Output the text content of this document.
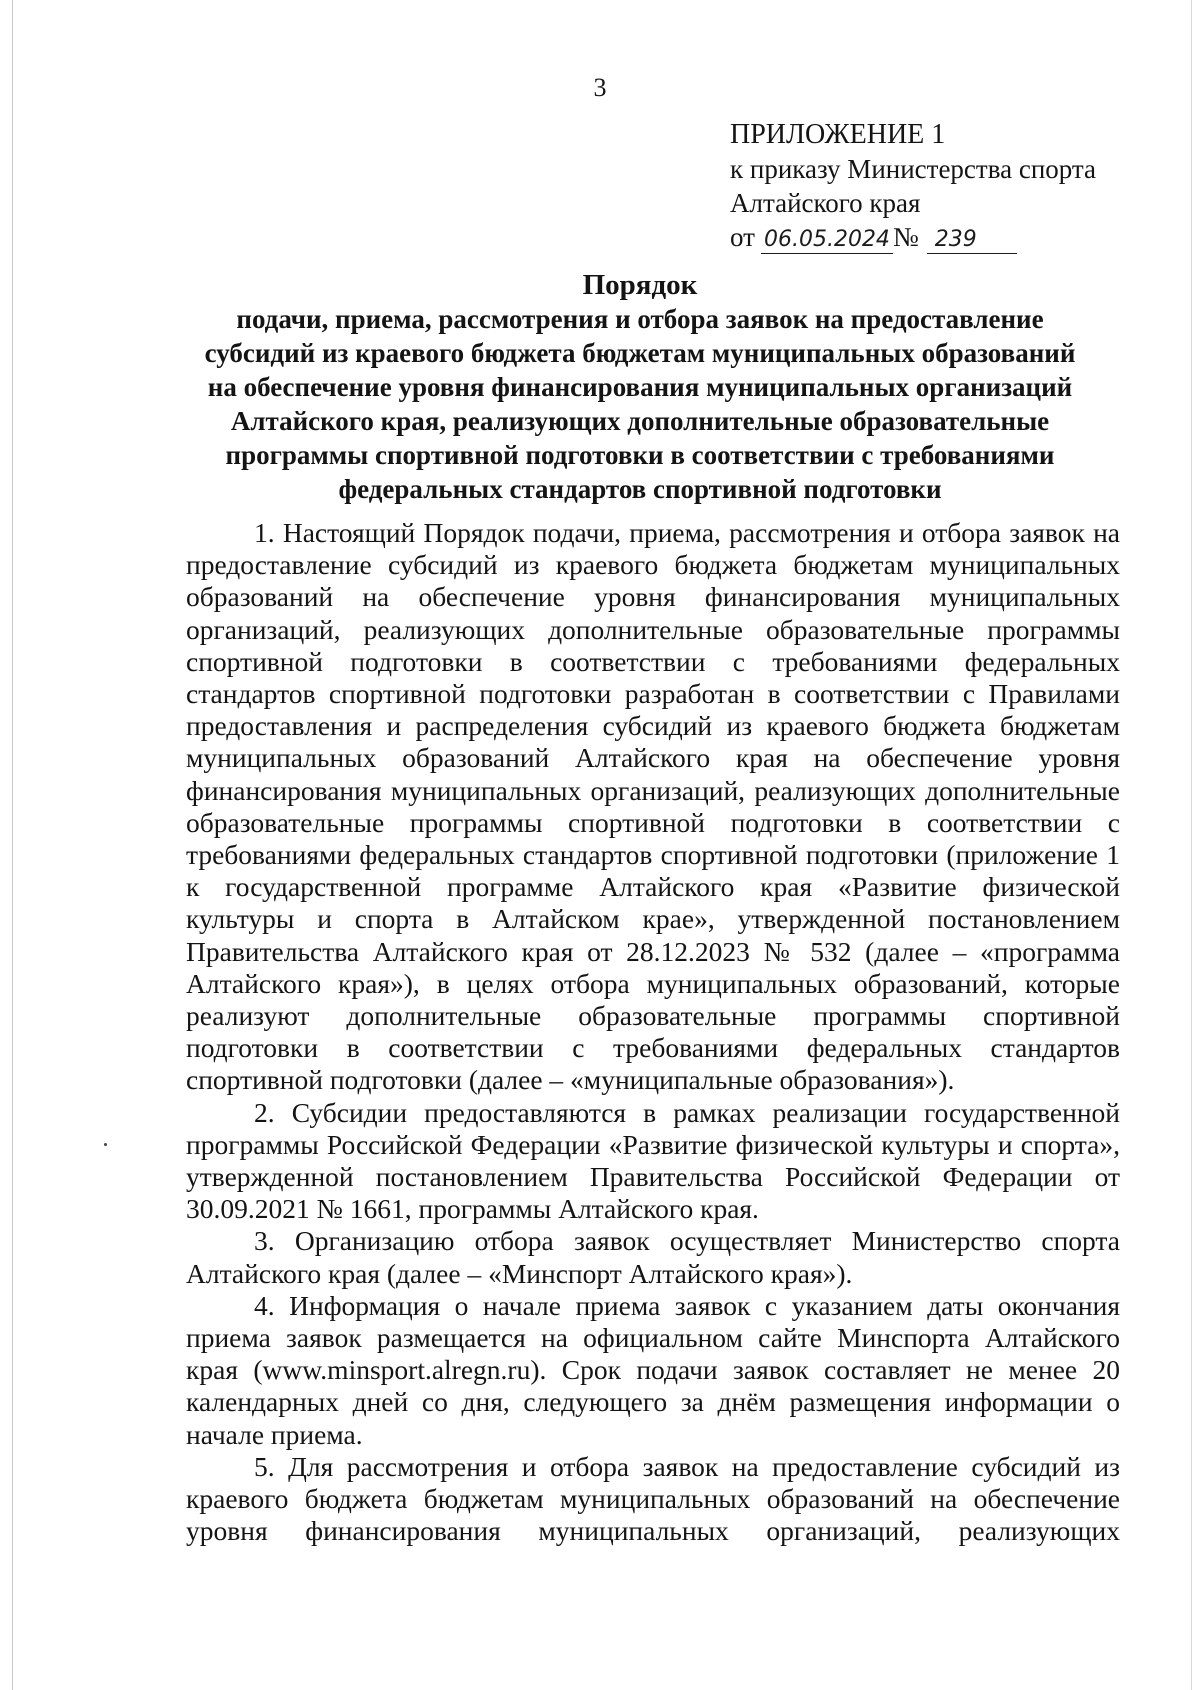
3
ПРИЛОЖЕНИЕ 1
к приказу Министерства спорта
Алтайского края
от 06.05.2024 № 239
Порядок
подачи, приема, рассмотрения и отбора заявок на предоставление
субсидий из краевого бюджета бюджетам муниципальных образований
на обеспечение уровня финансирования муниципальных организаций
Алтайского края, реализующих дополнительные образовательные
программы спортивной подготовки в соответствии с требованиями
федеральных стандартов спортивной подготовки

1. Настоящий Порядок подачи, приема, рассмотрения и отбора заявок на предоставление субсидий из краевого бюджета бюджетам муниципальных образований на обеспечение уровня финансирования муниципальных организаций, реализующих дополнительные образовательные программы спортивной подготовки в соответствии с требованиями федеральных стандартов спортивной подготовки разработан в соответствии с Правилами предоставления и распределения субсидий из краевого бюджета бюджетам муниципальных образований Алтайского края на обеспечение уровня финансирования муниципальных организаций, реализующих дополнительные образовательные программы спортивной подготовки в соответствии с требованиями федеральных стандартов спортивной подготовки (приложение 1 к государственной программе Алтайского края «Развитие физической культуры и спорта в Алтайском крае», утвержденной постановлением Правительства Алтайского края от 28.12.2023 № 532 (далее – «программа Алтайского края»), в целях отбора муниципальных образований, которые реализуют дополнительные образовательные программы спортивной подготовки в соответствии с требованиями федеральных стандартов спортивной подготовки (далее – «муниципальные образования»).

2. Субсидии предоставляются в рамках реализации государственной программы Российской Федерации «Развитие физической культуры и спорта», утвержденной постановлением Правительства Российской Федерации от 30.09.2021 № 1661, программы Алтайского края.

3. Организацию отбора заявок осуществляет Министерство спорта Алтайского края (далее – «Минспорт Алтайского края»).

4. Информация о начале приема заявок с указанием даты окончания приема заявок размещается на официальном сайте Минспорта Алтайского края (www.minsport.alregn.ru). Срок подачи заявок составляет не менее 20 календарных дней со дня, следующего за днём размещения информации о начале приема.

5. Для рассмотрения и отбора заявок на предоставление субсидий из краевого бюджета бюджетам муниципальных образований на обеспечение уровня финансирования муниципальных организаций, реализующих
